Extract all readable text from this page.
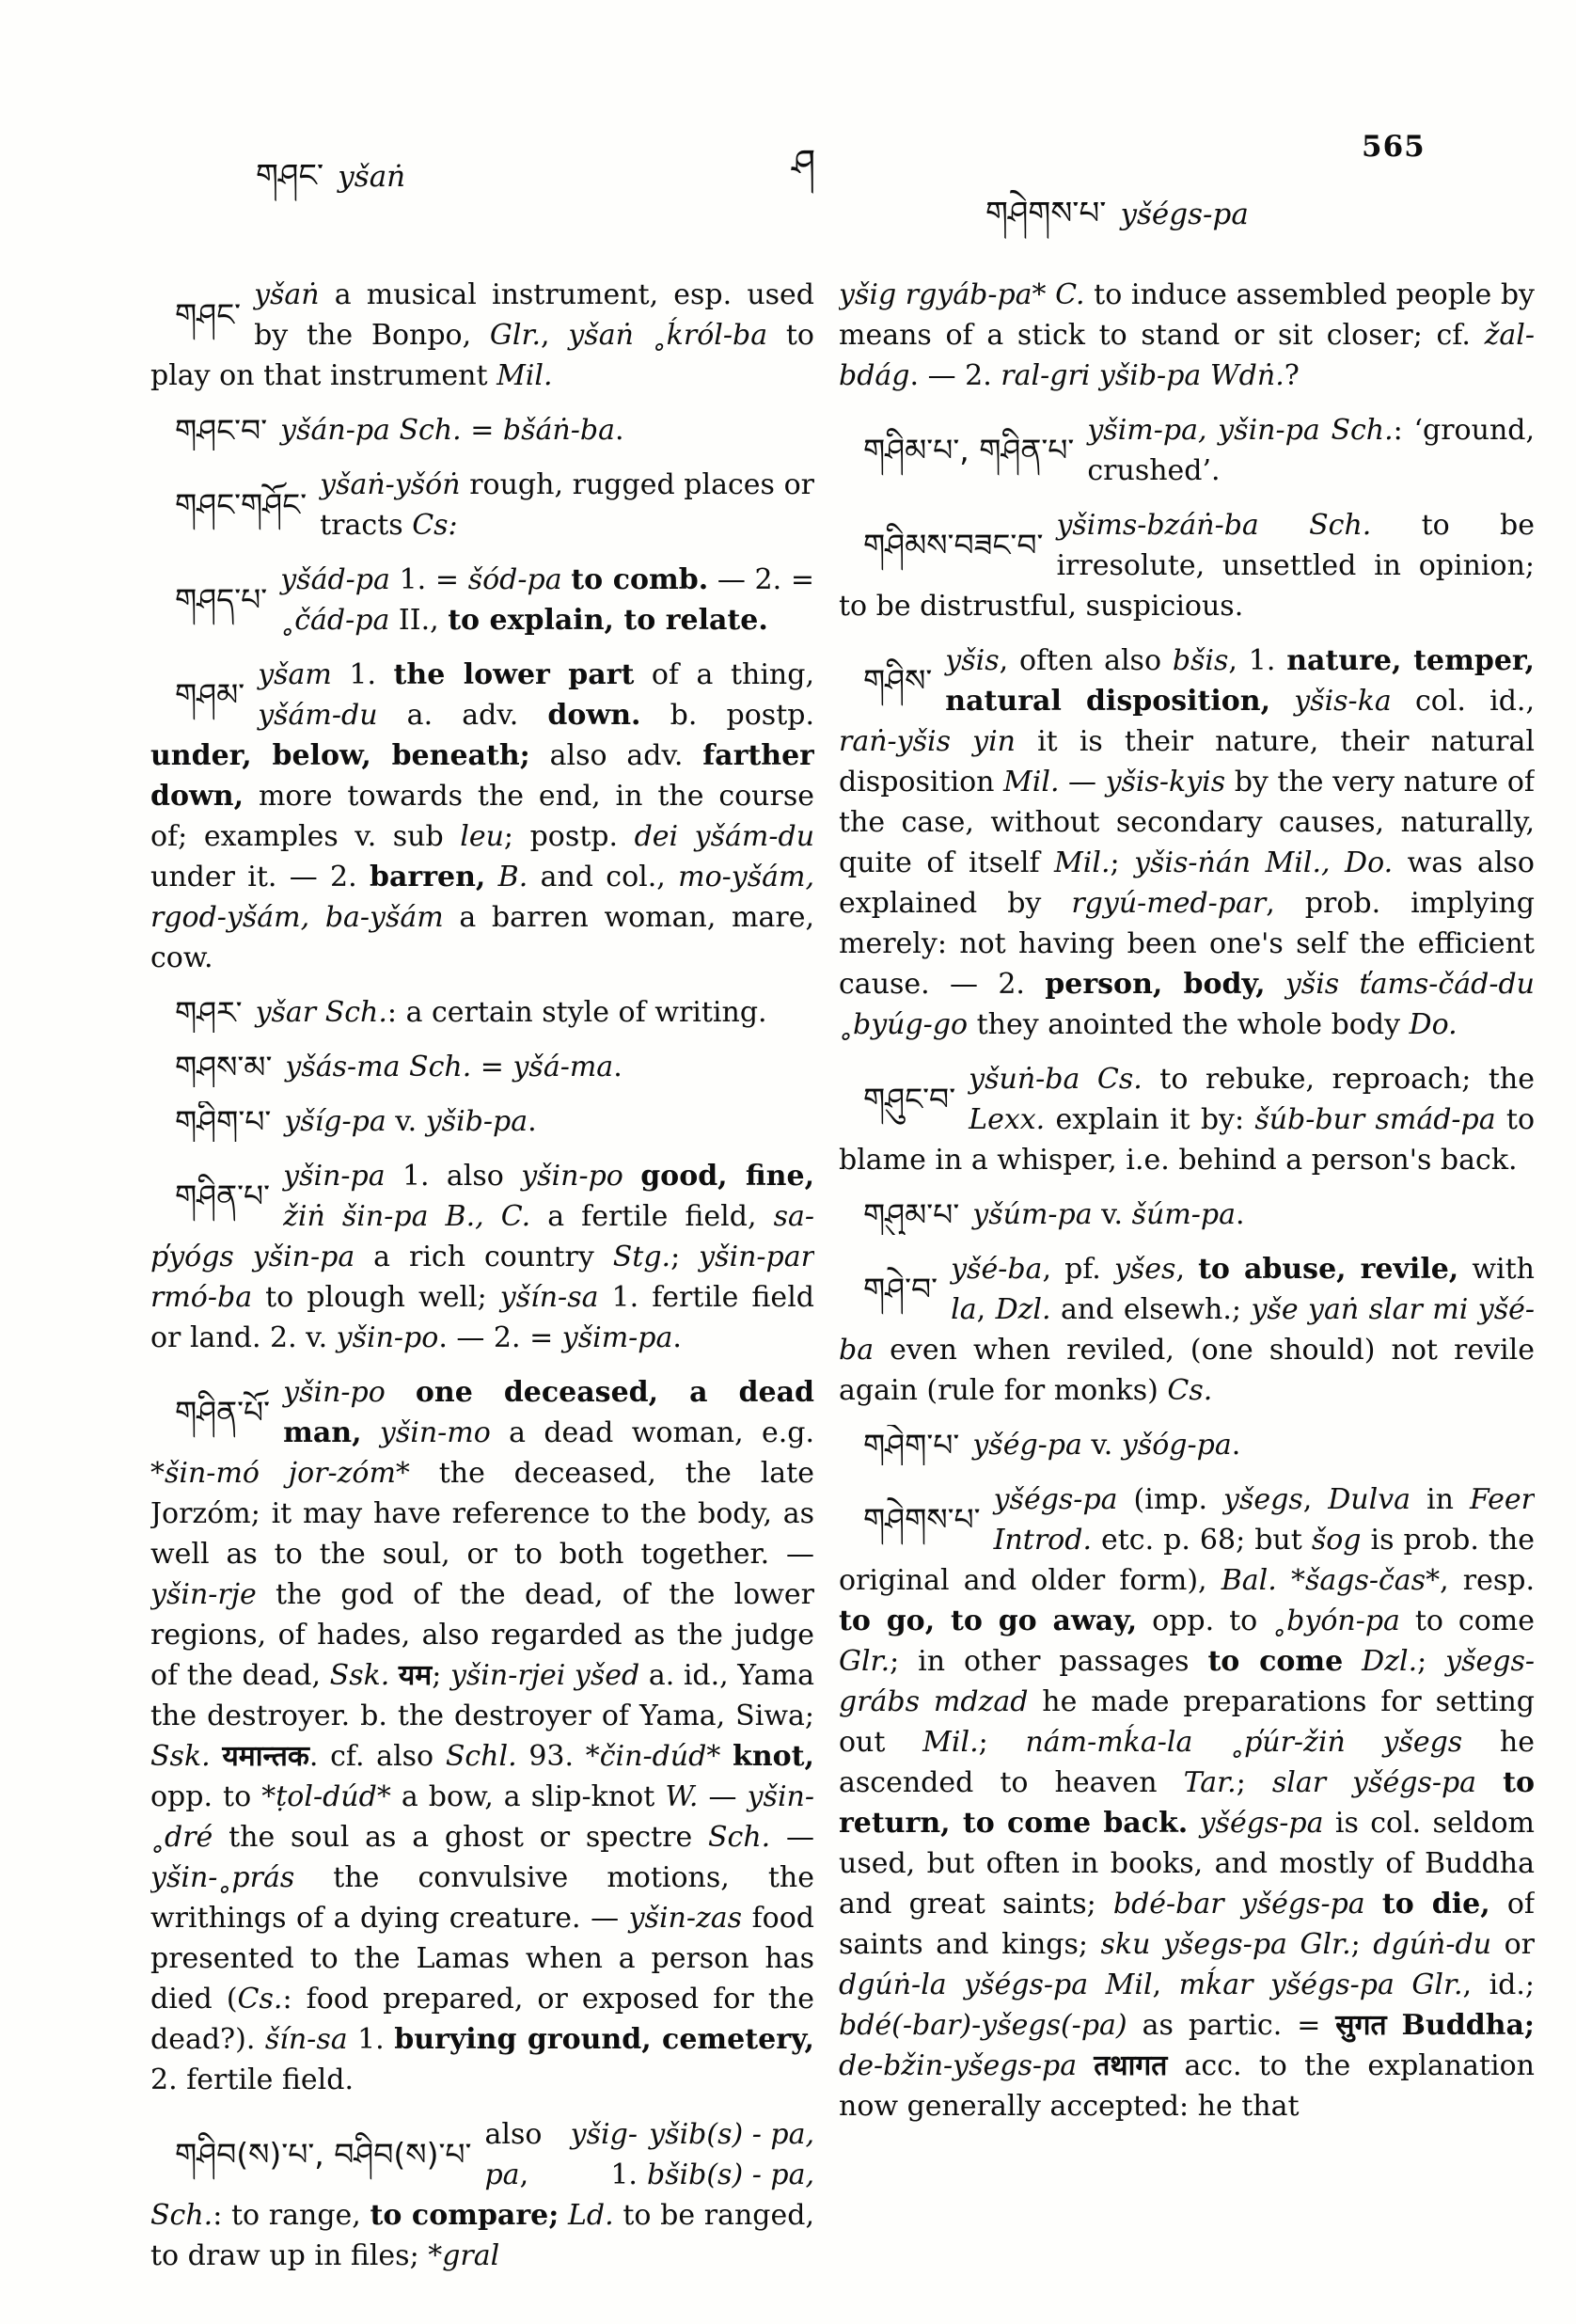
གཤང་ yšaṅ	ཤ
གཤེགས་པ་ yšégs-pa
565

གཤང་
yšaṅ a musical instrument, esp. used by the Bonpo, Glr., yšaṅ ˳ḱról-ba to play on that instrument Mil.

གཤང་བ་ yšán-pa Sch. = bšáṅ-ba.

གཤང་གཤོང་
yšaṅ-yšóṅ rough, rugged places or tracts Cs:

གཤད་པ་
yšád-pa 1. = šód-pa to comb. — 2. = ˳čád-pa II., to explain, to relate.

གཤམ་
yšam 1. the lower part of a thing, yšám-du a. adv. down. b. postp. under, below, beneath; also adv. farther down, more towards the end, in the course of; examples v. sub leu; postp. dei yšám-du under it. — 2. barren, B. and col., mo-yšám, rgod-yšám, ba-yšám a barren woman, mare, cow.

གཤར་ yšar Sch.: a certain style of writing.

གཤས་མ་ yšás-ma Sch. = yšá-ma.

གཤིག་པ་ yšíg-pa v. yšib-pa.

གཤིན་པ་
yšin-pa 1. also yšin-po good, fine, žiṅ šin-pa B., C. a fertile field, sa-p̕yógs yšin-pa a rich country Stg.; yšin-par rmó-ba to plough well; yšín-sa 1. fertile field or land. 2. v. yšin-po. — 2. = yšim-pa.

གཤིན་པོ་
yšin-po one deceased, a dead man, yšin-mo a dead woman, e.g. *šin-mó jor-zóm* the deceased, the late Jorzóm; it may have reference to the body, as well as to the soul, or to both together. — yšin-rje the god of the dead, of the lower regions, of hades, also regarded as the judge of the dead, Ssk. यम; yšin-rjei yšed a. id., Yama the destroyer. b. the destroyer of Yama, Siwa; Ssk. यमान्तक. cf. also Schl. 93. *čin-dúd* knot, opp. to *ṭol-dúd* a bow, a slip-knot W. — yšin-˳dré the soul as a ghost or spectre Sch. — yšin-˳prás the convulsive motions, the writhings of a dying creature. — yšin-zas food presented to the Lamas when a person has died (Cs.: food prepared, or exposed for the dead?). šín-sa 1. burying ground, cemetery, 2. fertile field.

གཤིབ(ས)་པ་, བཤིབ(ས)་པ་
yšib(s) - pa,
bšib(s) - pa,
also yšig-pa, 1. Sch.: to range, to compare; Ld. to be ranged, to draw up in files; *gral

yšig rgyáb-pa* C. to induce assembled people by means of a stick to stand or sit closer; cf. žal-bdág. — 2. ral-gri yšib-pa Wdṅ.?

གཤིམ་པ་, གཤིན་པ་
yšim-pa, yšin-pa Sch.: ‘ground, crushed’.

གཤིམས་བཟང་བ་
yšims-bzáṅ-ba Sch. to be irresolute, unsettled in opinion; to be distrustful, suspicious.

གཤིས་
yšis, often also bšis, 1. nature, temper, natural disposition, yšis-ka col. id., raṅ-yšis yin it is their nature, their natural disposition Mil. — yšis-kyis by the very nature of the case, without secondary causes, naturally, quite of itself Mil.; yšis-ṅán Mil., Do. was also explained by rgyú-med-par, prob. implying merely: not having been one's self the efficient cause. — 2. person, body, yšis t̕ams-čád-du ˳byúg-go they anointed the whole body Do.

གཤུང་བ་
yšuṅ-ba Cs. to rebuke, reproach; the Lexx. explain it by: šúb-bur smád-pa to blame in a whisper, i.e. behind a person's back.

གཤུམ་པ་ yšúm-pa v. šúm-pa.

གཤེ་བ་
yšé-ba, pf. yšes, to abuse, revile, with la, Dzl. and elsewh.; yše yaṅ slar mi yšé-ba even when reviled, (one should) not revile again (rule for monks) Cs.

གཤེག་པ་ yšég-pa v. yšóg-pa.

གཤེགས་པ་
yšégs-pa (imp. yšegs, Dulva in Feer Introd. etc. p. 68; but šog is prob. the original and older form), Bal. *šags-čas*, resp. to go, to go away, opp. to ˳byón-pa to come Glr.; in other passages to come Dzl.; yšegs-grábs mdzad he made preparations for setting out Mil.; nám-mḱa-la ˳p̕úr-žiṅ yšegs he ascended to heaven Tar.; slar yšégs-pa to return, to come back. yšégs-pa is col. seldom used, but often in books, and mostly of Buddha and great saints; bdé-bar yšégs-pa to die, of saints and kings; sku yšegs-pa Glr.; dgúṅ-du or dgúṅ-la yšégs-pa Mil, mḱar yšégs-pa Glr., id.; bdé(-bar)-yšegs(-pa) as partic. = सुगत Buddha; de-bžin-yšegs-pa तथागत acc. to the explanation now generally accepted: he that
